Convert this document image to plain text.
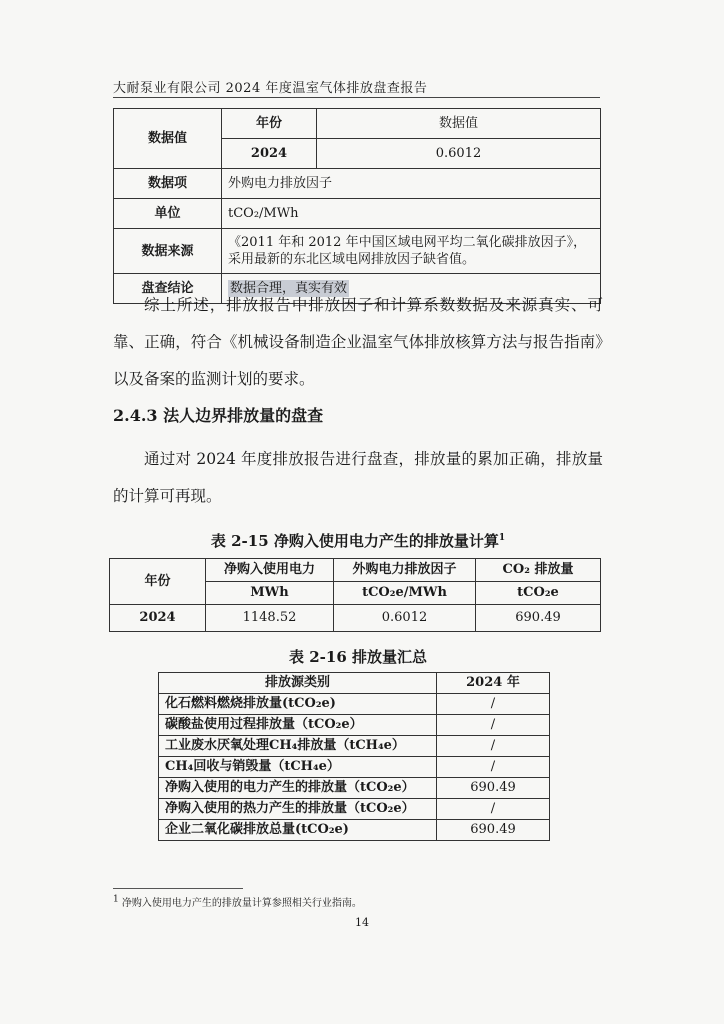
大耐泵业有限公司 2024 年度温室气体排放盘查报告
数据值	年份	数据值
	2024	0.6012
数据项	外购电力排放因子	
单位	tCO₂/MWh	
数据来源	《2011 年和 2012 年中国区域电网平均二氧化碳排放因子》，
采用最新的东北区域电网排放因子缺省值。	

盘查结论	数据合理，真实有效	
综上所述，排放报告中排放因子和计算系数数据及来源真实、可靠、正确，符合《机械设备制造企业温室气体排放核算方法与报告指南》以及备案的监测计划的要求。
2.4.3 法人边界排放量的盘查
通过对 2024 年度排放报告进行盘查，排放量的累加正确，排放量的计算可再现。
表 2-15 净购入使用电力产生的排放量计算$^1$
年份	净购入使用电力	外购电力排放因子	CO₂ 排放量
	MWh	tCO₂e/MWh	tCO₂e
2024	1148.52	0.6012	690.49
表 2-16 排放量汇总
排放源类别	2024 年
化石燃料燃烧排放量(tCO₂e)	/
碳酸盐使用过程排放量（tCO₂e）	/
工业废水厌氧处理CH₄排放量（tCH₄e）	/
CH₄回收与销毁量（tCH₄e）	/
净购入使用的电力产生的排放量（tCO₂e）	690.49
净购入使用的热力产生的排放量（tCO₂e）	/
企业二氧化碳排放总量(tCO₂e)	690.49
$^1$ 净购入使用电力产生的排放量计算参照相关行业指南。
14
